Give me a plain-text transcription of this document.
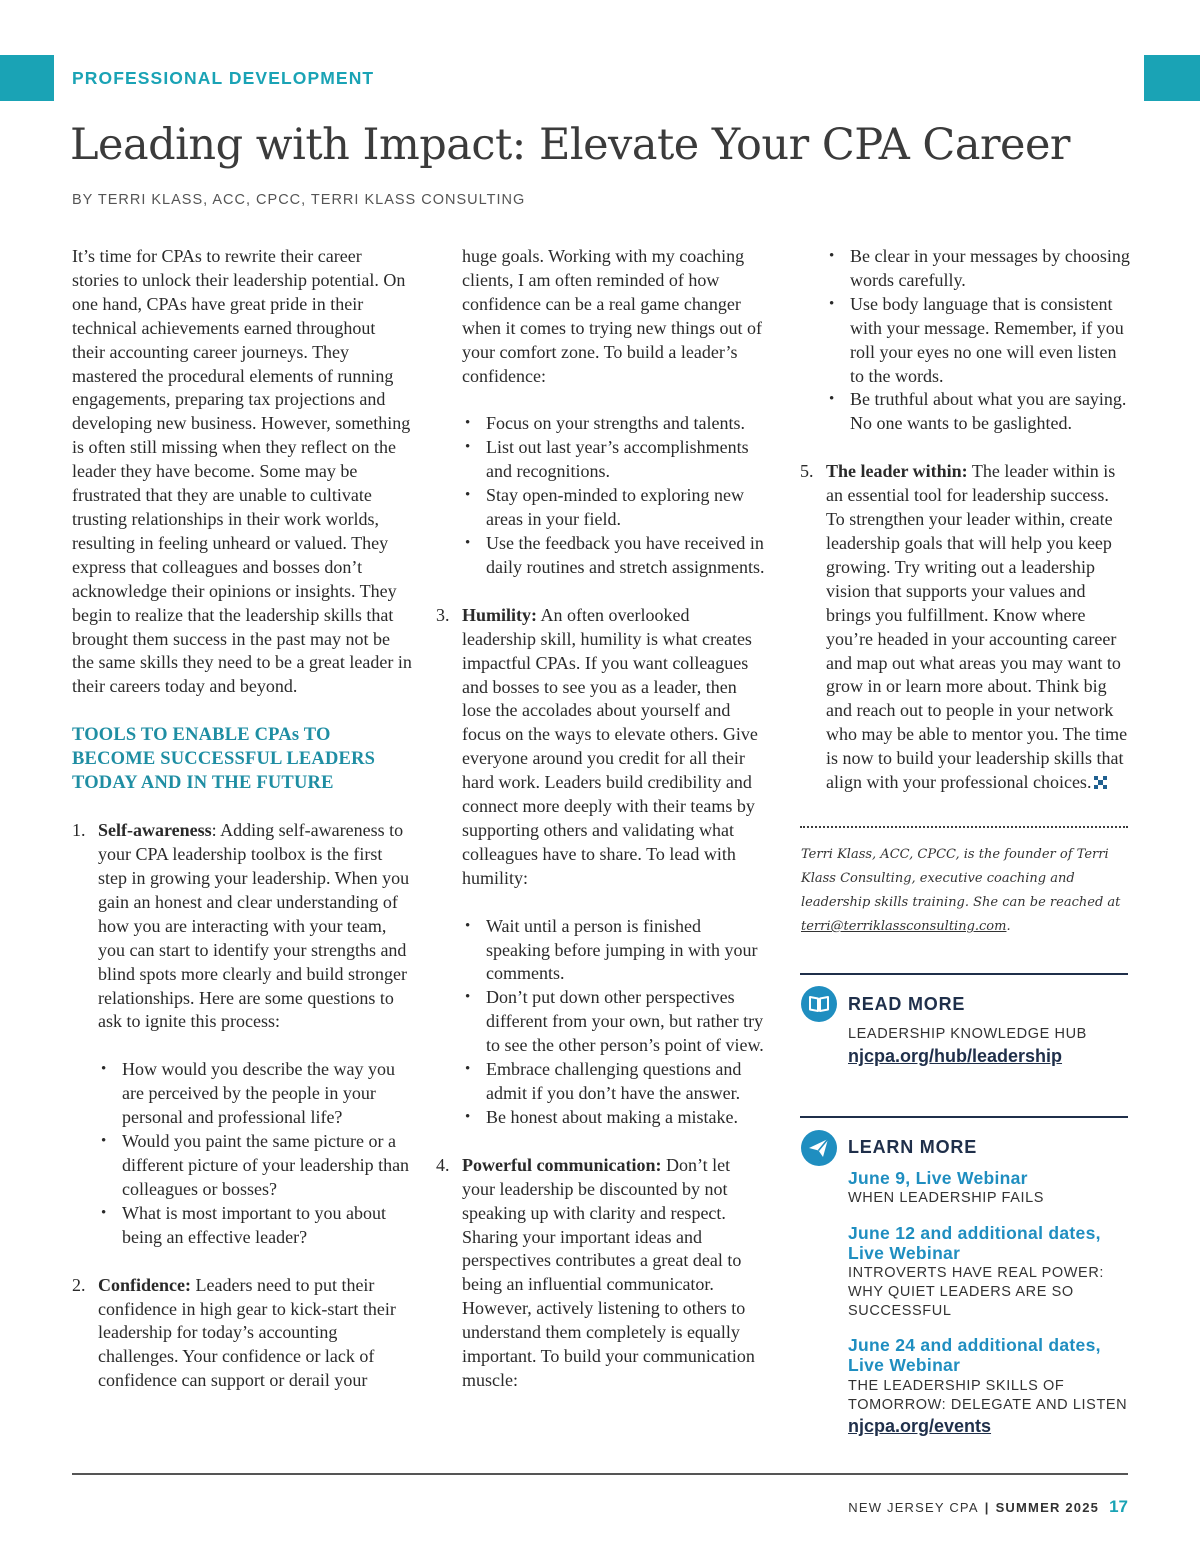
PROFESSIONAL DEVELOPMENT
Leading with Impact: Elevate Your CPA Career
BY TERRI KLASS, ACC, CPCC, TERRI KLASS CONSULTING

It’s time for CPAs to rewrite their career stories to unlock their leadership potential. On one hand, CPAs have great pride in their technical achievements earned throughout their accounting career journeys. They mastered the procedural elements of running engagements, preparing tax projections and developing new business. However, something is often still missing when they reflect on the leader they have become. Some may be frustrated that they are unable to cultivate trusting relationships in their work worlds, resulting in feeling unheard or valued. They express that colleagues and bosses don’t acknowledge their opinions or insights. They begin to realize that the leadership skills that brought them success in the past may not be the same skills they need to be a great leader in their careers today and beyond.

TOOLS TO ENABLE CPAs TO BECOME SUCCESSFUL LEADERS TODAY AND IN THE FUTURE
1. Self-awareness: Adding self-awareness to your CPA leadership toolbox is the first step in growing your leadership. When you gain an honest and clear understanding of how you are interacting with your team, you can start to identify your strengths and blind spots more clearly and build stronger relationships. Here are some questions to ask to ignite this process:
• How would you describe the way you are perceived by the people in your personal and professional life?
• Would you paint the same picture or a different picture of your leadership than colleagues or bosses?
• What is most important to you about being an effective leader?
2. Confidence: Leaders need to put their confidence in high gear to kick-start their leadership for today’s accounting challenges. Your confidence or lack of confidence can support or derail your
huge goals. Working with my coaching clients, I am often reminded of how confidence can be a real game changer when it comes to trying new things out of your comfort zone. To build a leader’s confidence:
• Focus on your strengths and talents.
• List out last year’s accomplishments and recognitions.
• Stay open-minded to exploring new areas in your field.
• Use the feedback you have received in daily routines and stretch assignments.
3. Humility: An often overlooked leadership skill, humility is what creates impactful CPAs. If you want colleagues and bosses to see you as a leader, then lose the accolades about yourself and focus on the ways to elevate others. Give everyone around you credit for all their hard work. Leaders build credibility and connect more deeply with their teams by supporting others and validating what colleagues have to share. To lead with humility:
• Wait until a person is finished speaking before jumping in with your comments.
• Don’t put down other perspectives different from your own, but rather try to see the other person’s point of view.
• Embrace challenging questions and admit if you don’t have the answer.
• Be honest about making a mistake.
4. Powerful communication: Don’t let your leadership be discounted by not speaking up with clarity and respect. Sharing your important ideas and perspectives contributes a great deal to being an influential communicator. However, actively listening to others to understand them completely is equally important. To build your communication muscle:
• Be clear in your messages by choosing words carefully.
• Use body language that is consistent with your message. Remember, if you roll your eyes no one will even listen to the words.
• Be truthful about what you are saying. No one wants to be gaslighted.
5. The leader within: The leader within is an essential tool for leadership success. To strengthen your leader within, create leadership goals that will help you keep growing. Try writing out a leadership vision that supports your values and brings you fulfillment. Know where you’re headed in your accounting career and map out what areas you may want to grow in or learn more about. Think big and reach out to people in your network who may be able to mentor you. The time is now to build your leadership skills that align with your professional choices.
Terri Klass, ACC, CPCC, is the founder of Terri Klass Consulting, executive coaching and leadership skills training. She can be reached at terri@terriklassconsulting.com.
READ MORE
LEADERSHIP KNOWLEDGE HUB
njcpa.org/hub/leadership
LEARN MORE
June 9, Live Webinar
WHEN LEADERSHIP FAILS
June 12 and additional dates, Live Webinar
INTROVERTS HAVE REAL POWER: WHY QUIET LEADERS ARE SO SUCCESSFUL
June 24 and additional dates, Live Webinar
THE LEADERSHIP SKILLS OF TOMORROW: DELEGATE AND LISTEN
njcpa.org/events
NEW JERSEY CPA | SUMMER 2025 17
